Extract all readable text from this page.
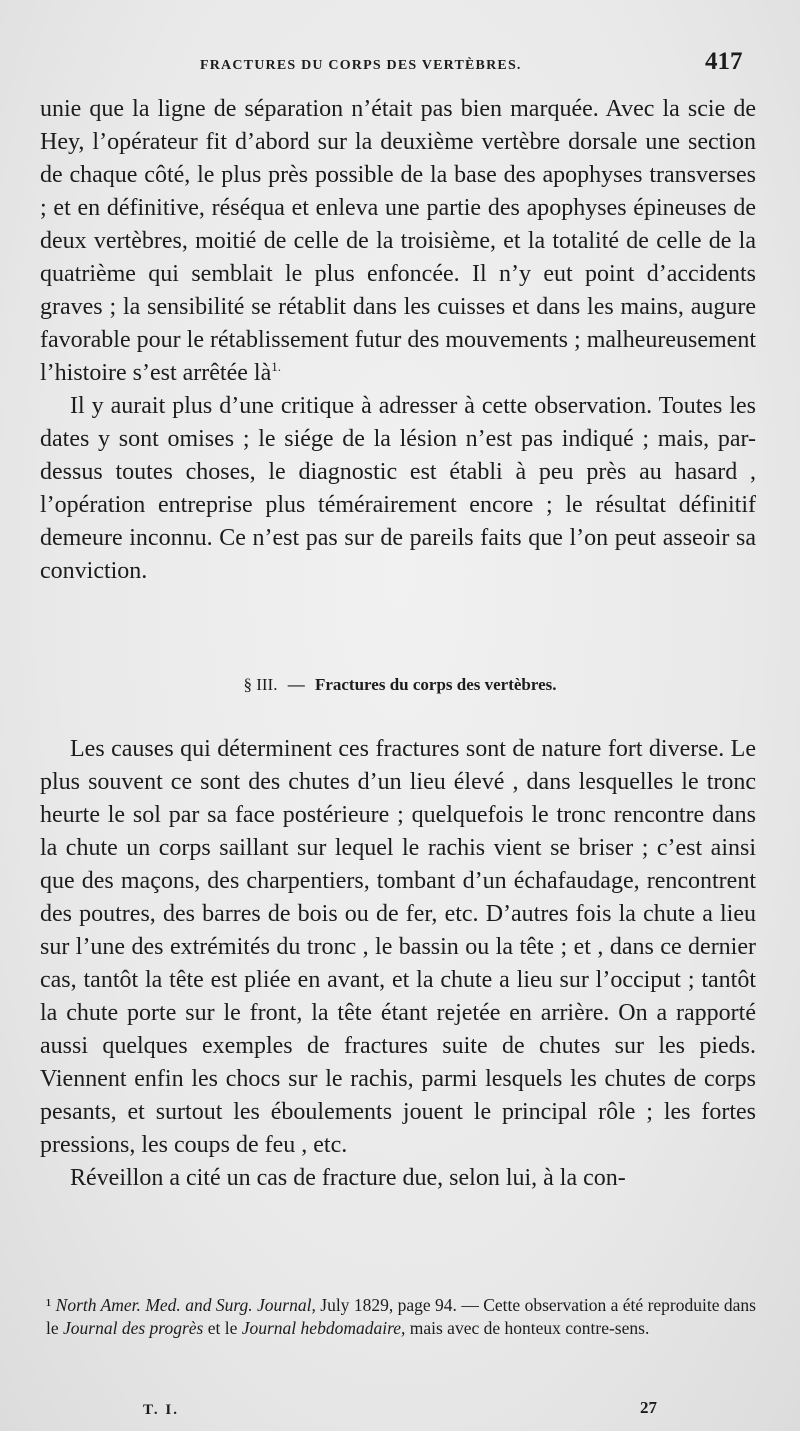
FRACTURES DU CORPS DES VERTÈBRES.	417

unie que la ligne de séparation n’était pas bien marquée. Avec la scie de Hey, l’opérateur fit d’abord sur la deuxième vertèbre dorsale une section de chaque côté, le plus près possible de la base des apophyses transverses ; et en définitive, réséqua et enleva une partie des apophyses épineuses de deux vertèbres, moitié de celle de la troisième, et la totalité de celle de la quatrième qui semblait le plus enfoncée. Il n’y eut point d’accidents graves ; la sensibilité se rétablit dans les cuisses et dans les mains, augure favorable pour le rétablissement futur des mouvements ; malheureusement l’histoire s’est arrêtée $là^{1.}$

Il y aurait plus d’une critique à adresser à cette observation. Toutes les dates y sont omises ; le siége de la lésion n’est pas indiqué ; mais, par-dessus toutes choses, le diagnostic est établi à peu près au hasard , l’opération entreprise plus témérairement encore ; le résultat définitif demeure inconnu. Ce n’est pas sur de pareils faits que l’on peut asseoir sa conviction.

§ III. — Fractures du corps des vertèbres.

Les causes qui déterminent ces fractures sont de nature fort diverse. Le plus souvent ce sont des chutes d’un lieu élevé , dans lesquelles le tronc heurte le sol par sa face postérieure ; quelquefois le tronc rencontre dans la chute un corps saillant sur lequel le rachis vient se briser ; c’est ainsi que des maçons, des charpentiers, tombant d’un échafaudage, rencontrent des poutres, des barres de bois ou de fer, etc. D’autres fois la chute a lieu sur l’une des extrémités du tronc , le bassin ou la tête ; et , dans ce dernier cas, tantôt la tête est pliée en avant, et la chute a lieu sur l’occiput ; tantôt la chute porte sur le front, la tête étant rejetée en arrière. On a rapporté aussi quelques exemples de fractures suite de chutes sur les pieds. Viennent enfin les chocs sur le rachis, parmi lesquels les chutes de corps pesants, et surtout les éboulements jouent le principal rôle ; les fortes pressions, les coups de feu , etc.

Réveillon a cité un cas de fracture due, selon lui, à la con-

¹ North Amer. Med. and Surg. Journal, July 1829, page 94. — Cette observation a été reproduite dans le Journal des progrès et le Journal hebdomadaire, mais avec de honteux contre-sens.
T. I.	27
